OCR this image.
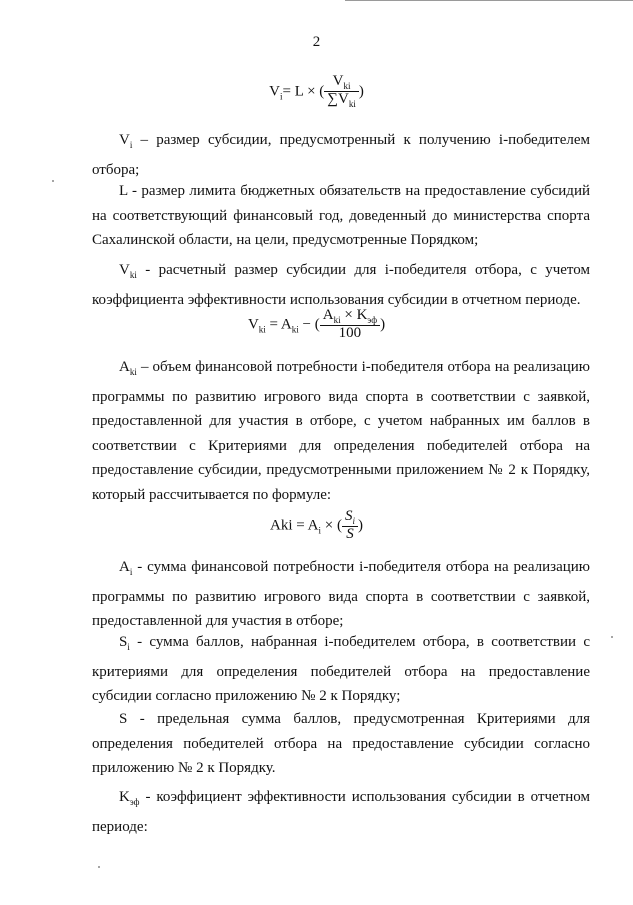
2
$V_i= L$ × ( $\frac{V_{ki}}{\sum V_{ki}}$ )
$V_i$ – размер субсидии, предусмотренный к получению i-победителем отбора;
L - размер лимита бюджетных обязательств на предоставление субсидий на соответствующий финансовый год, доведенный до министерства спорта Сахалинской области, на цели, предусмотренные Порядком;
$V_{ki}$ - расчетный размер субсидии для i-победителя отбора, с учетом коэффициента эффективности использования субсидии в отчетном периоде.
$V_{ki} = A_{ki}$ − ( $\frac{A_{ki} \times K_{эф}}{100}$ )
$A_{ki}$ – объем финансовой потребности i-победителя отбора на реализацию программы по развитию игрового вида спорта в соответствии с заявкой, предоставленной для участия в отборе, с учетом набранных им баллов в соответствии с Критериями для определения победителей отбора на предоставление субсидии, предусмотренными приложением № 2 к Порядку, который рассчитывается по формуле:
Aki = $A_i$ × ( $\frac{S_i}{S}$ )
$A_i$ - сумма финансовой потребности i-победителя отбора на реализацию программы по развитию игрового вида спорта в соответствии с заявкой, предоставленной для участия в отборе;
$S_i$ - сумма баллов, набранная i-победителем отбора, в соответствии с критериями для определения победителей отбора на предоставление субсидии согласно приложению № 2 к Порядку;
S - предельная сумма баллов, предусмотренная Критериями для определения победителей отбора на предоставление субсидии согласно приложению № 2 к Порядку.
$K_{эф}$ - коэффициент эффективности использования субсидии в отчетном периоде:
